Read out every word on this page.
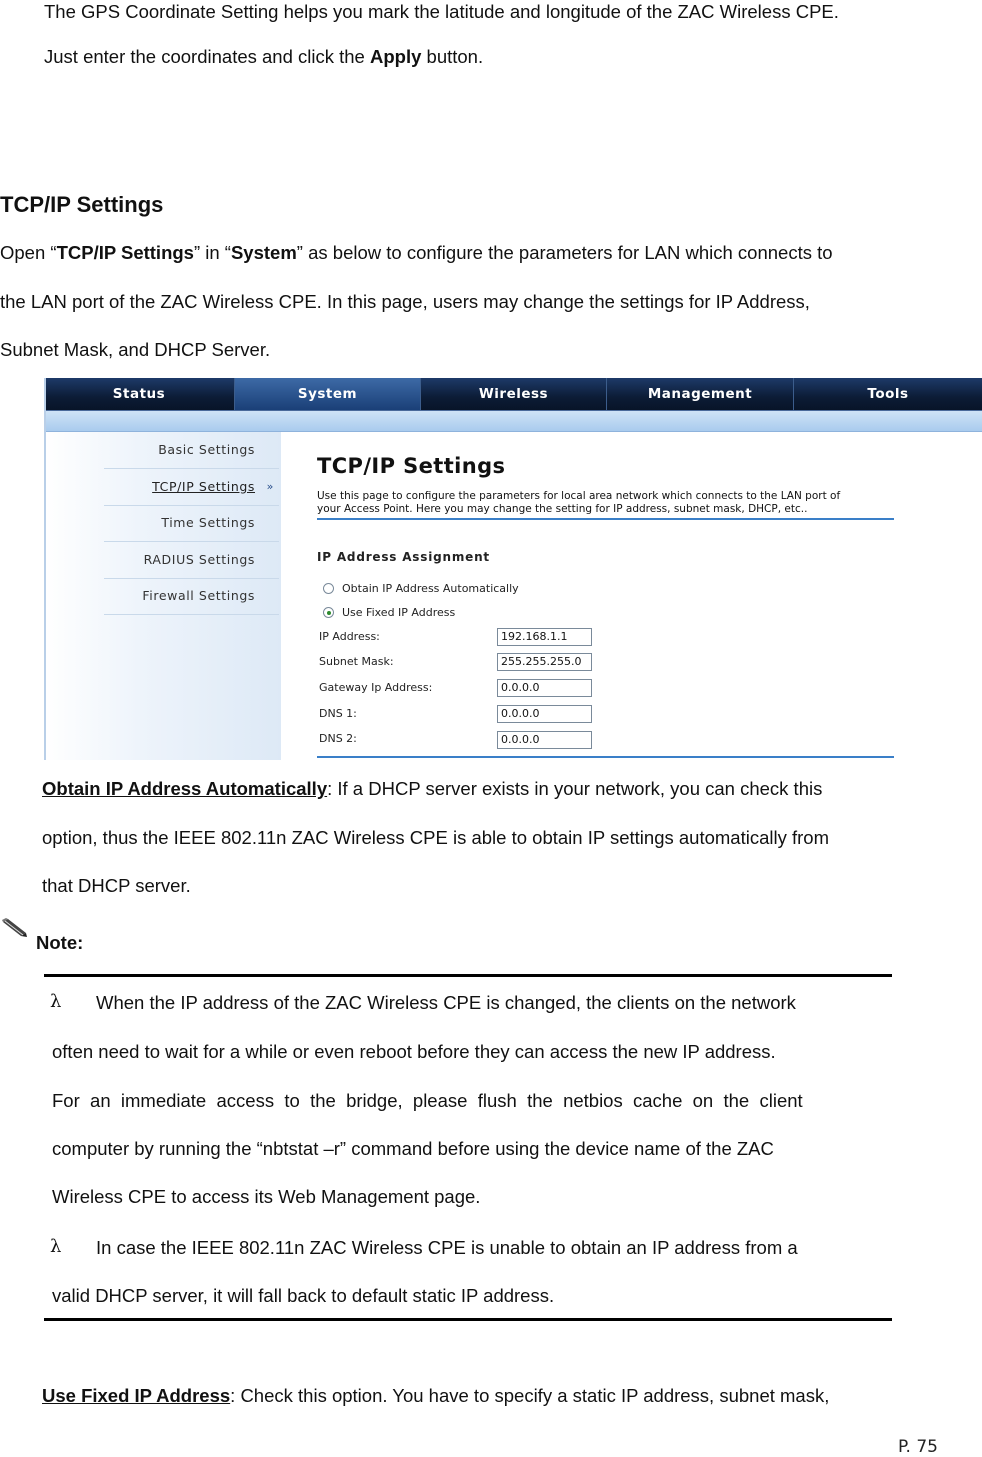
The GPS Coordinate Setting helps you mark the latitude and longitude of the ZAC Wireless CPE.
Just enter the coordinates and click the Apply button.
TCP/IP Settings
Open “TCP/IP Settings” in “System” as below to configure the parameters for LAN which connects to
the LAN port of the ZAC Wireless CPE. In this page, users may change the settings for IP Address,
Subnet Mask, and DHCP Server.
Status	System	Wireless	Management	Tools
Basic Settings
TCP/IP Settings »
Time Settings
RADIUS Settings
Firewall Settings
TCP/IP Settings
Use this page to configure the parameters for local area network which connects to the LAN port of
your Access Point. Here you may change the setting for IP address, subnet mask, DHCP, etc..
IP Address Assignment
Obtain IP Address Automatically
Use Fixed IP Address
IP Address:	192.168.1.1
Subnet Mask:	255.255.255.0
Gateway Ip Address:	0.0.0.0
DNS 1:	0.0.0.0
DNS 2:	0.0.0.0
Obtain IP Address Automatically: If a DHCP server exists in your network, you can check this
option, thus the IEEE 802.11n ZAC Wireless CPE is able to obtain IP settings automatically from
that DHCP server.
Note:
λ When the IP address of the ZAC Wireless CPE is changed, the clients on the network
often need to wait for a while or even reboot before they can access the new IP address.
For  an  immediate  access  to  the  bridge,  please  flush  the  netbios  cache  on  the  client
computer by running the “nbtstat –r” command before using the device name of the ZAC
Wireless CPE to access its Web Management page.
λ In case the IEEE 802.11n ZAC Wireless CPE is unable to obtain an IP address from a
valid DHCP server, it will fall back to default static IP address.
Use Fixed IP Address: Check this option. You have to specify a static IP address, subnet mask,
P. 75
